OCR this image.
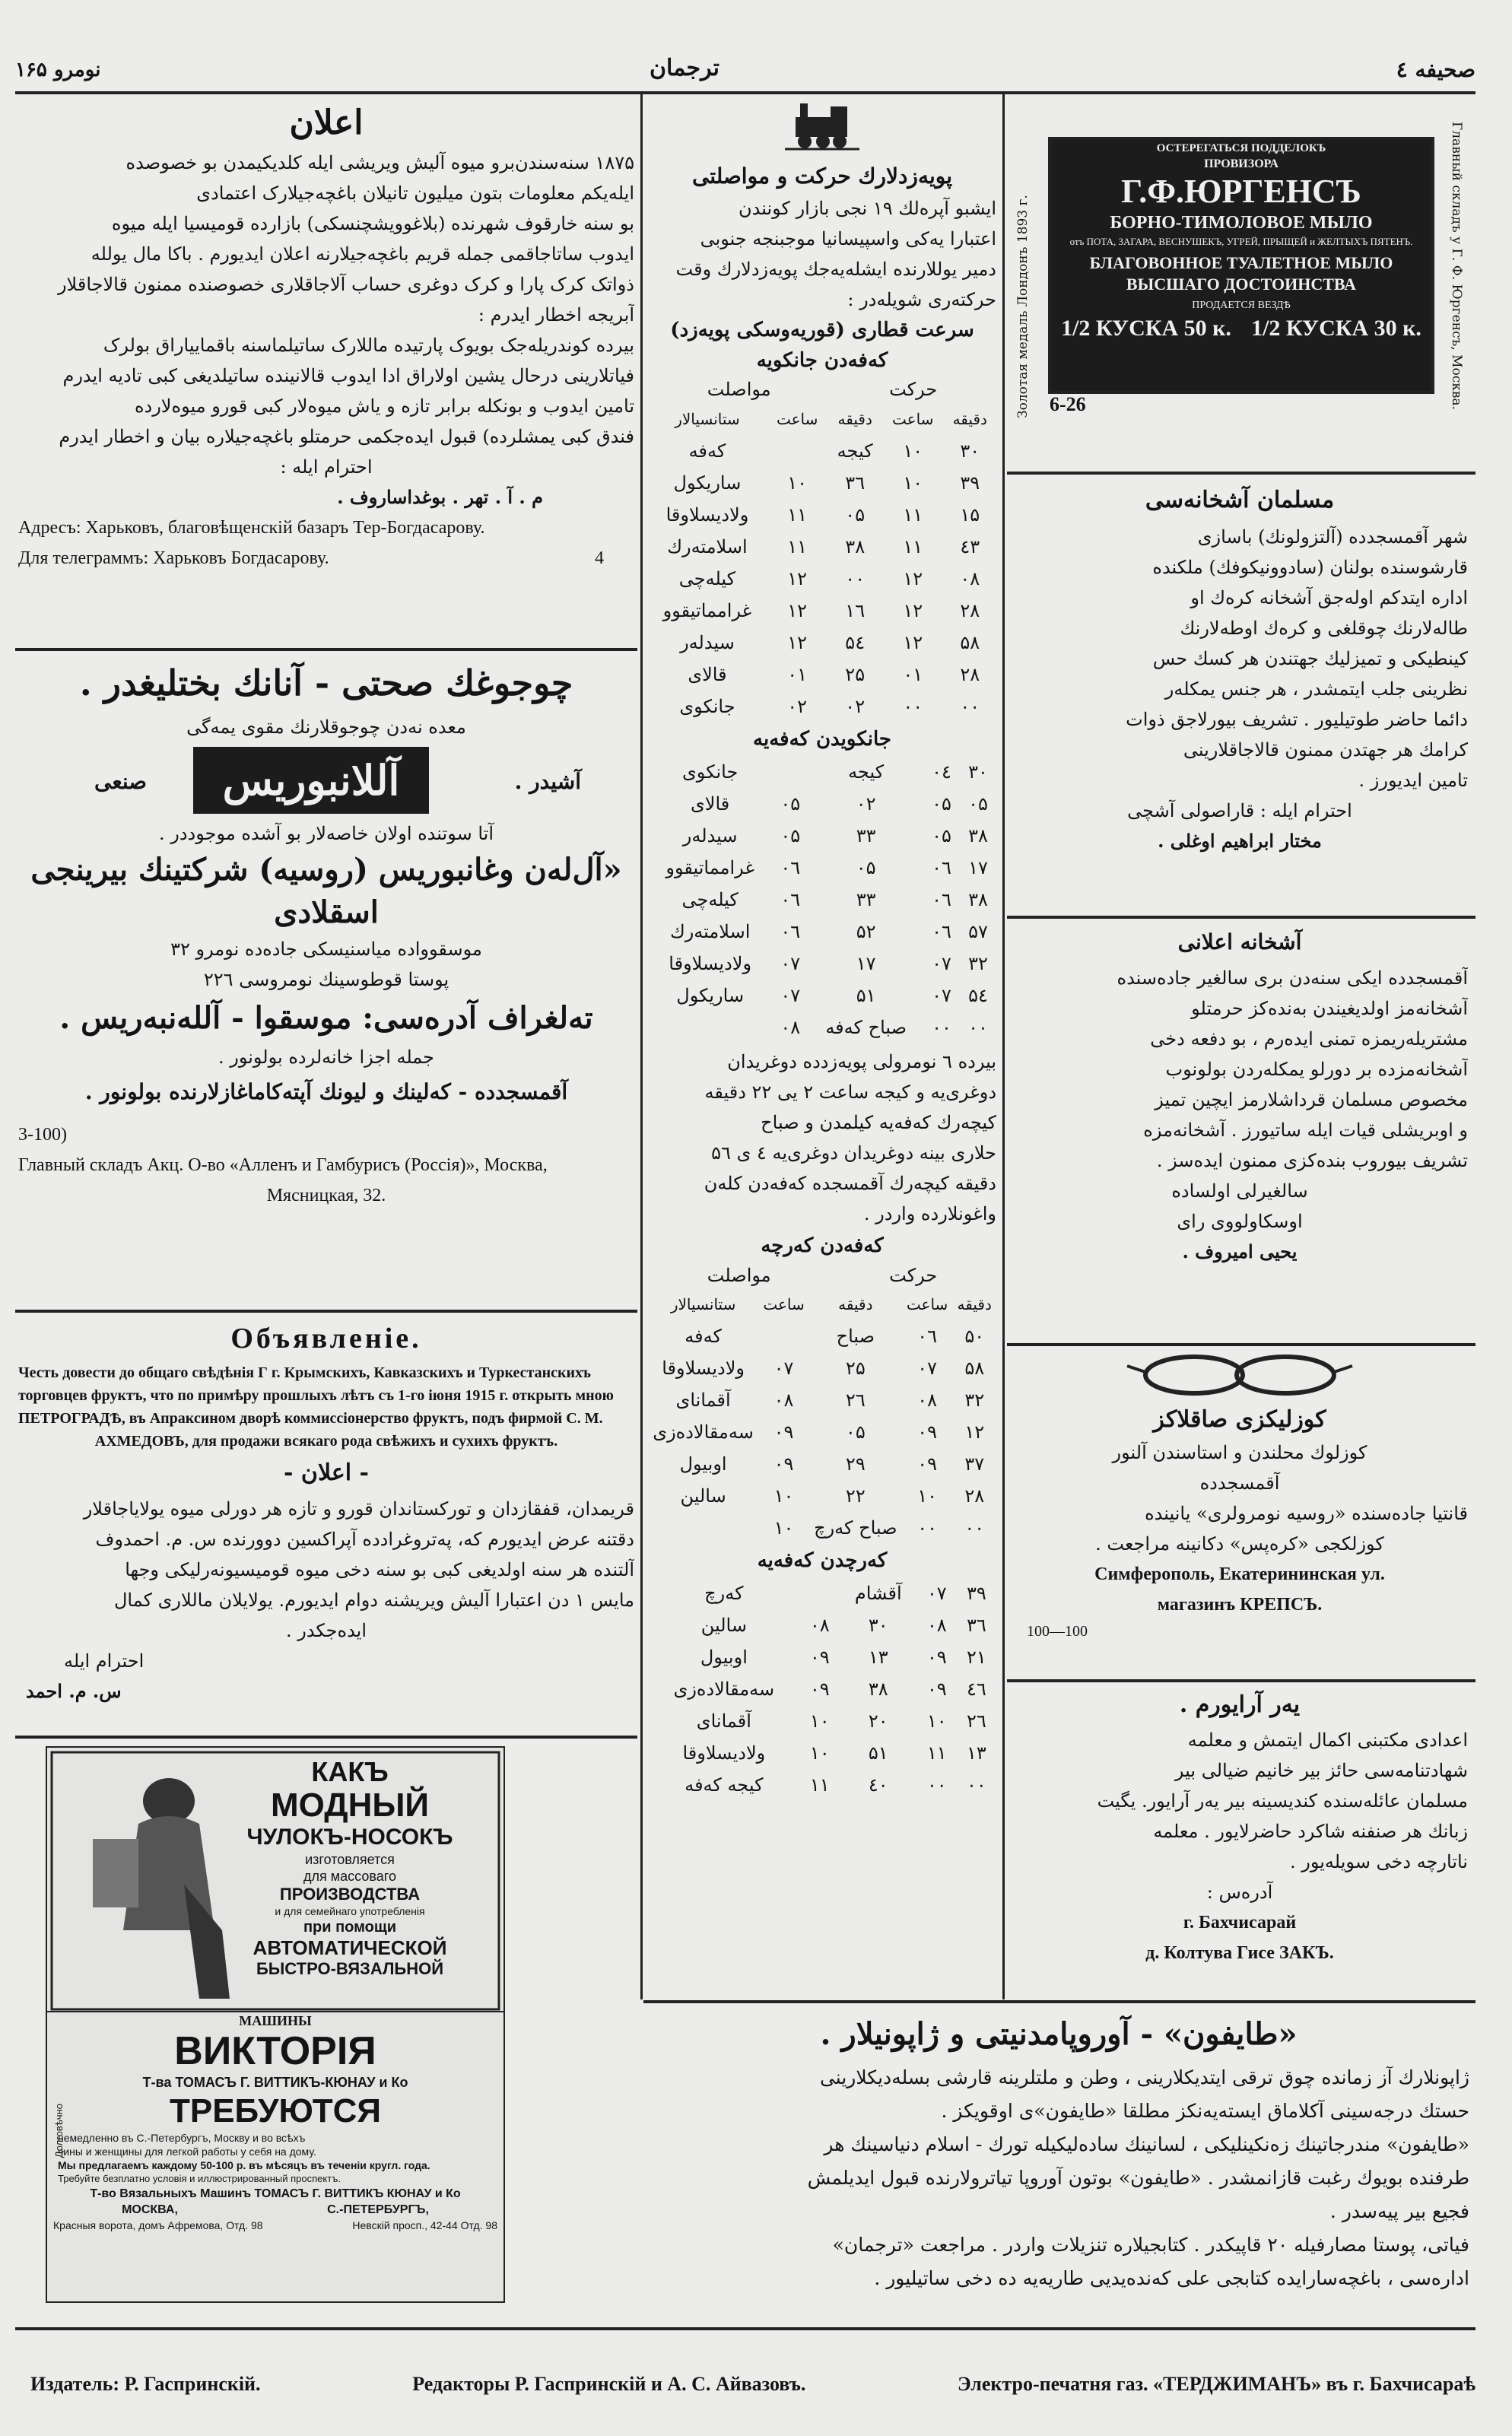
صحیفه ٤
ترجمان
نومرو ۱۶۵
اعلان
۱۸۷۵ سنه‌سندن‌برو میوه آلیش ویریشی ایله کلدیکیمدن بو خصوصده
ایله‌یکم معلومات بتون میلیون تانیلان باغچه‌جیلارک اعتمادی
بو سنه خارقوف شهرنده (بلاغوویشچنسکی) بازارده قومیسیا ایله میوه
ایدوب ساتاجاقمی جمله قریم باغچه‌جیلارنه اعلان ایدیورم . باکا مال یولله
ذواتک کرک پارا و کرک دوغری حساب آلاجاقلاری خصوصنده ممنون قالاجاقلار
آبریجه اخطار ایدرم :
بیرده کوندریله‌جک بویوک پارتیده ماللارک ساتیلماسنه باقماییاراق بولرک
فیاتلارینی درحال یشین اولاراق ادا ایدوب قالانینده ساتیلدیغی کبی تادیه ایدرم
تامین ایدوب و بونکله برابر تازه و یاش میوه‌لار کبی قورو میوه‌لارده
فندق کبی یمشلرده) قبول ایده‌جکمی حرمتلو باغچه‌جیلاره بیان و اخطار ایدرم
احترام ایله :
م . آ . تهر . بوغداساروف .
Адресъ: Харьковъ, благовѣщенскій базаръ Тер-Богдасарову.
Для телеграммъ: Харьковъ Богдасарову.	4
چوجوغك صحتی - آنانك بختلیغدر .
معده نه‌دن چوجوقلارنك مقوی یمه‌گی
آشیدر .
آللانبوریس
صنعی
آتا سوتنده اولان خاصه‌لار بو آشده موجوددر .
«آل‌له‌ن وغانبوریس (روسیه) شرکتینك بیرینجی اسقلادی
موسقوواده میاسنیسکی جاده‌ده نومرو ۳۲
پوستا قوطوسینك نومروسی ۲۲٦
تەلغراف آدرەسی: موسقوا - آللەنبەریس .
جمله اجزا خانه‌لرده بولونور .
آقمسجدده - کەلینك و لیونك آپتەکاماغازلارنده بولونور .
3-100)
Главный складъ Акц. О-во «Алленъ и Гамбурисъ (Россія)», Москва,
Мясницкая, 32.
Объявленіе.
Честь довести до общаго свѣдѣнія Г г. Крымскихъ, Кавказскихъ и Туркестанскихъ
торговцев фруктъ, что по примѣру прошлыхъ лѣтъ съ 1-го іюня 1915 г. открыть мною
ПЕТРОГРАДѢ, въ Апраксином дворѣ коммиссіонерство фруктъ, подъ фирмой С. М.
АХМЕДОВЪ, для продажи всякаго рода свѣжихъ и сухихъ фруктъ.
- اعلان -
قریمدان، قفقازدان و تورکستاندان قورو و تازه هر دورلی میوه یولایاجاقلار
دقتنه عرض ایدیورم که، پەتروغرادده آپراکسین دوورنده س. م. احمدوف
آلتنده هر سنه اولدیغی کبی بو سنه دخی میوه قومیسیونه‌رلیکی وجها
مایس ۱ دن اعتبارا آلیش ویریشنه دوام ایدیورم. یولایلان ماللاری کمال
ایده‌جکدر .
احترام ایله
س. م. احمد
КАКЪ
МОДНЫЙ
ЧУЛОКЪ-НОСОКЪ
изготовляется
для массоваго
ПРОИЗВОДСТВА
и для семейнаго употребленія
при помощи
АВТОМАТИЧЕСКОЙ
БЫСТРО-ВЯЗАЛЬНОЙ
پویه‌زدلارك حرکت و مواصلتی
ایشبو آپرەلك ۱۹ نجی بازار کونندن
اعتبارا یه‌کی واسپیسانیا موجبنجه جنوبی
دمیر یوللارنده ایشلەیەجك پویەزدلارك وقت
حرکتەری شویلەدر :
سرعت قطاری (قوریەوسكی پویەزد) کەفەدن جانکویە
حرکت
مواصلت
دقیقه	ساعت	دقیقه	ساعت	ستانسیالار
۳۰	۱۰	کیجه		کەفە
۳۹	۱۰	۳٦	۱۰	ساریکول
۱۵	۱۱	۰۵	۱۱	ولادیسلاوقا
٤۳	۱۱	۳۸	۱۱	اسلامتەرك
۰۸	۱۲	۰۰	۱۲	کیلەچی
۲۸	۱۲	۱٦	۱۲	غرامماتیقوو
۵۸	۱۲	۵٤	۱۲	سیدلەر
۲۸	۰۱	۲۵	۰۱	قالای
۰۰	۰۰	۰۲	۰۲	جانکوی
جانکویدن کەفەیە
۳۰	۰٤	کیجه		جانکوی
۰۵	۰۵	۰۲	۰۵	قالای
۳۸	۰۵	۳۳	۰۵	سیدلەر
۱۷	۰٦	۰۵	۰٦	غرامماتیقوو
۳۸	۰٦	۳۳	۰٦	کیلەچی
۵۷	۰٦	۵۲	۰٦	اسلامتەرك
۳۲	۰۷	۱۷	۰۷	ولادیسلاوقا
۵٤	۰۷	۵۱	۰۷	ساریکول
۰۰	۰۰	صباح کەفە	۰۸	
بیرده ٦ نومرولی پویەزدده دوغریدان
دوغری‌یه و کیجه ساعت ۲ یی ۲۲ دقیقه
کیچەرك کەفەیە کیلمدن و صباح
حلاری بینه دوغریدان دوغری‌یه ٤ ی ۵٦
دقیقه کیچەرك آقمسجده کەفەدن کلەن
واغونلاردە واردر .
کەفەدن کەرچە
حرکت
مواصلت
دقیقه	ساعت	دقیقه	ساعت	ستانسیالار
۵۰	۰٦	صباح		کەفە
۵۸	۰۷	۲۵	۰۷	ولادیسلاوقا
۳۲	۰۸	۲٦	۰۸	آقمانای
۱۲	۰۹	۰۵	۰۹	سەمقالادەزی
۳۷	۰۹	۲۹	۰۹	اوبیول
۲۸	۱۰	۲۲	۱۰	سالین
۰۰	۰۰	صباح کەرچ	۱۰	
کەرچدن کەفەیە
۳۹	۰۷	آقشام		کەرچ
۳٦	۰۸	۳۰	۰۸	سالین
۲۱	۰۹	۱۳	۰۹	اوبیول
٤٦	۰۹	۳۸	۰۹	سەمقالادەزی
۲٦	۱۰	۲۰	۱۰	آقمانای
۱۳	۱۱	۵۱	۱۰	ولادیسلاوقا
۰۰	۰۰	٤۰	۱۱	کیجه کەفە
Золотая медаль Лондонъ 1893 г.	Главный складъ у Г. Ф. Юргенсъ, Москва.
ОСТЕРЕГАТЬСЯ ПОДДЕЛОКЪ
ПРОВИЗОРА
Г.Ф.ЮРГЕНСЪ
БОРНО-ТИМОЛОВОЕ МЫЛО
отъ ПОТА, ЗАГАРА, ВЕСНУШЕКЪ, УГРЕЙ, ПРЫЩЕЙ и ЖЕЛТЫХЪ ПЯТЕНЪ.
БЛАГОВОННОЕ ТУАЛЕТНОЕ МЫЛО ВЫСШАГО ДОСТОИНСТВА
ПРОДАЕТСЯ ВЕЗДѢ
1/2 КУСКА 50 к. 1/2 КУСКА 30 к.
6-26
مسلمان آشخانەسی
شهر آقمسجدده (آلتزولونك) باسازی
قارشوسنده بولنان (سادوونیکوفك) ملکنده
اداره ایتدکم اوله‌جق آشخانه کرەك او
طالەلارنك چوقلغی و کرەك اوطەلارنك
کینطیکی و تمیزلیك جهتندن هر کسك حس
نظرینی جلب ایتمشدر ، هر جنس یمکلەر
دائما حاضر طوتیلیور . تشریف بیورلاجق ذوات
کرامك هر جهتدن ممنون قالاجاقلارینی
تامین ایدیورز .
احترام ایله : قاراصولی آشچی
مختار ابراهیم اوغلی .
آشخانه اعلانی
آقمسجدده ایکی سنه‌دن بری سالغیر جاده‌سنده
آشخانه‌مز اولدیغیندن بەندەکز حرمتلو
مشتریلەریمزە تمنی ایدەرم ، بو دفعه دخی
آشخانه‌مزده بر دورلو یمکلەردن بولونوب
مخصوص مسلمان قرداشلارمز ایچین تمیز
و اوبریشلی قیات ایله ساتیورز . آشخانه‌مزه
تشریف بیوروب بندەکزی ممنون ایدەسز .
سالغیرلی اولساده
اوسكاولووی رای
یحیی امیروف .
کوزلیکزی صاقلاکز
کوزلوك محلندن و استاسندن آلنور
آقمسجدده
قانتیا جاده‌سنده «روسیه نومرولری» یانینده
کوزلکجی «کرەپس» دکانینه مراجعت .
Симферополь, Екатерининская ул.
магазинъ КРЕПСЪ.
100—100
یەر آرایورم .
اعدادی مکتبنی اکمال ایتمش و معلمه
شهادتنامه‌سی حائز بیر خانیم ضیالی بیر
مسلمان عائله‌سنده کندیسینه بیر یەر آرایور. یگیت
زبانك هر صنفنه شاکرد حاضرلایور . معلمه
ناتارچه دخی سویله‌یور .
آدرەس :
г. Бахчисарай
д. Колтува Гисе ЗАКЪ.
«طایفون» - آوروپامدنیتی و ژاپونیلار .
ژاپونلارك آز زمانده چوق ترقی ایتدیكلارینی ، وطن و ملتلرینه قارشی بسلەدیکلارینی
حستك درجه‌سینی آکلاماق ایسته‌یه‌نکز مطلقا «طایفون»ی اوقویکز .
«طایفون» مندرجاتینك زه‌نکینلیکی ، لسانینك ساده‌لیکیله تورك - اسلام دنیاسینك هر
طرفنده بویوك رغبت قازانمشدر . «طایفون» بوتون آوروپا تیاترولارنده قبول ایدیلمش
فجیع بیر پیه‌سدر .
فیاتی، پوستا مصارفیله ۲۰ قاپیکدر . کتابجیلاره تنزیلات واردر . مراجعت «ترجمان»
اداره‌سی ، باغچه‌سارایده کتابجی علی کەنده‌یدیی طاریه‌یه ده دخی ساتیلیور .
МАШИНЫ
ВИКТОРІЯ
Т-ва ТОМАСЪ Г. ВИТТИКЪ-КЮНАУ и Ко
ТРЕБУЮТСЯ
немедленно въ С.-Петербургъ, Москву и во всѣхъ
чины и женщины для легкой работы у себя на дому.
Мы предлагаемъ каждому 50-100 р. въ мѣсяцъ въ теченіи кругл. года.
Требуйте безплатно условія и иллюстрированный проспектъ.
Т-во Вязальныхъ Машинъ ТОМАСЪ Г. ВИТТИКЪ КЮНАУ и Ко
МОСКВА,	С.-ПЕТЕРБУРГЪ,
Красныя ворота, домъ Афремова, Отд. 98	Невскій просп., 42-44 Отд. 98
Долговѣчно
Издатель: Р. Гаспринскій.	Редакторы Р. Гаспринскій и А. С. Айвазовъ.	Электро-печатня газ. «ТЕРДЖИМАНЪ» въ г. Бахчисараѣ
